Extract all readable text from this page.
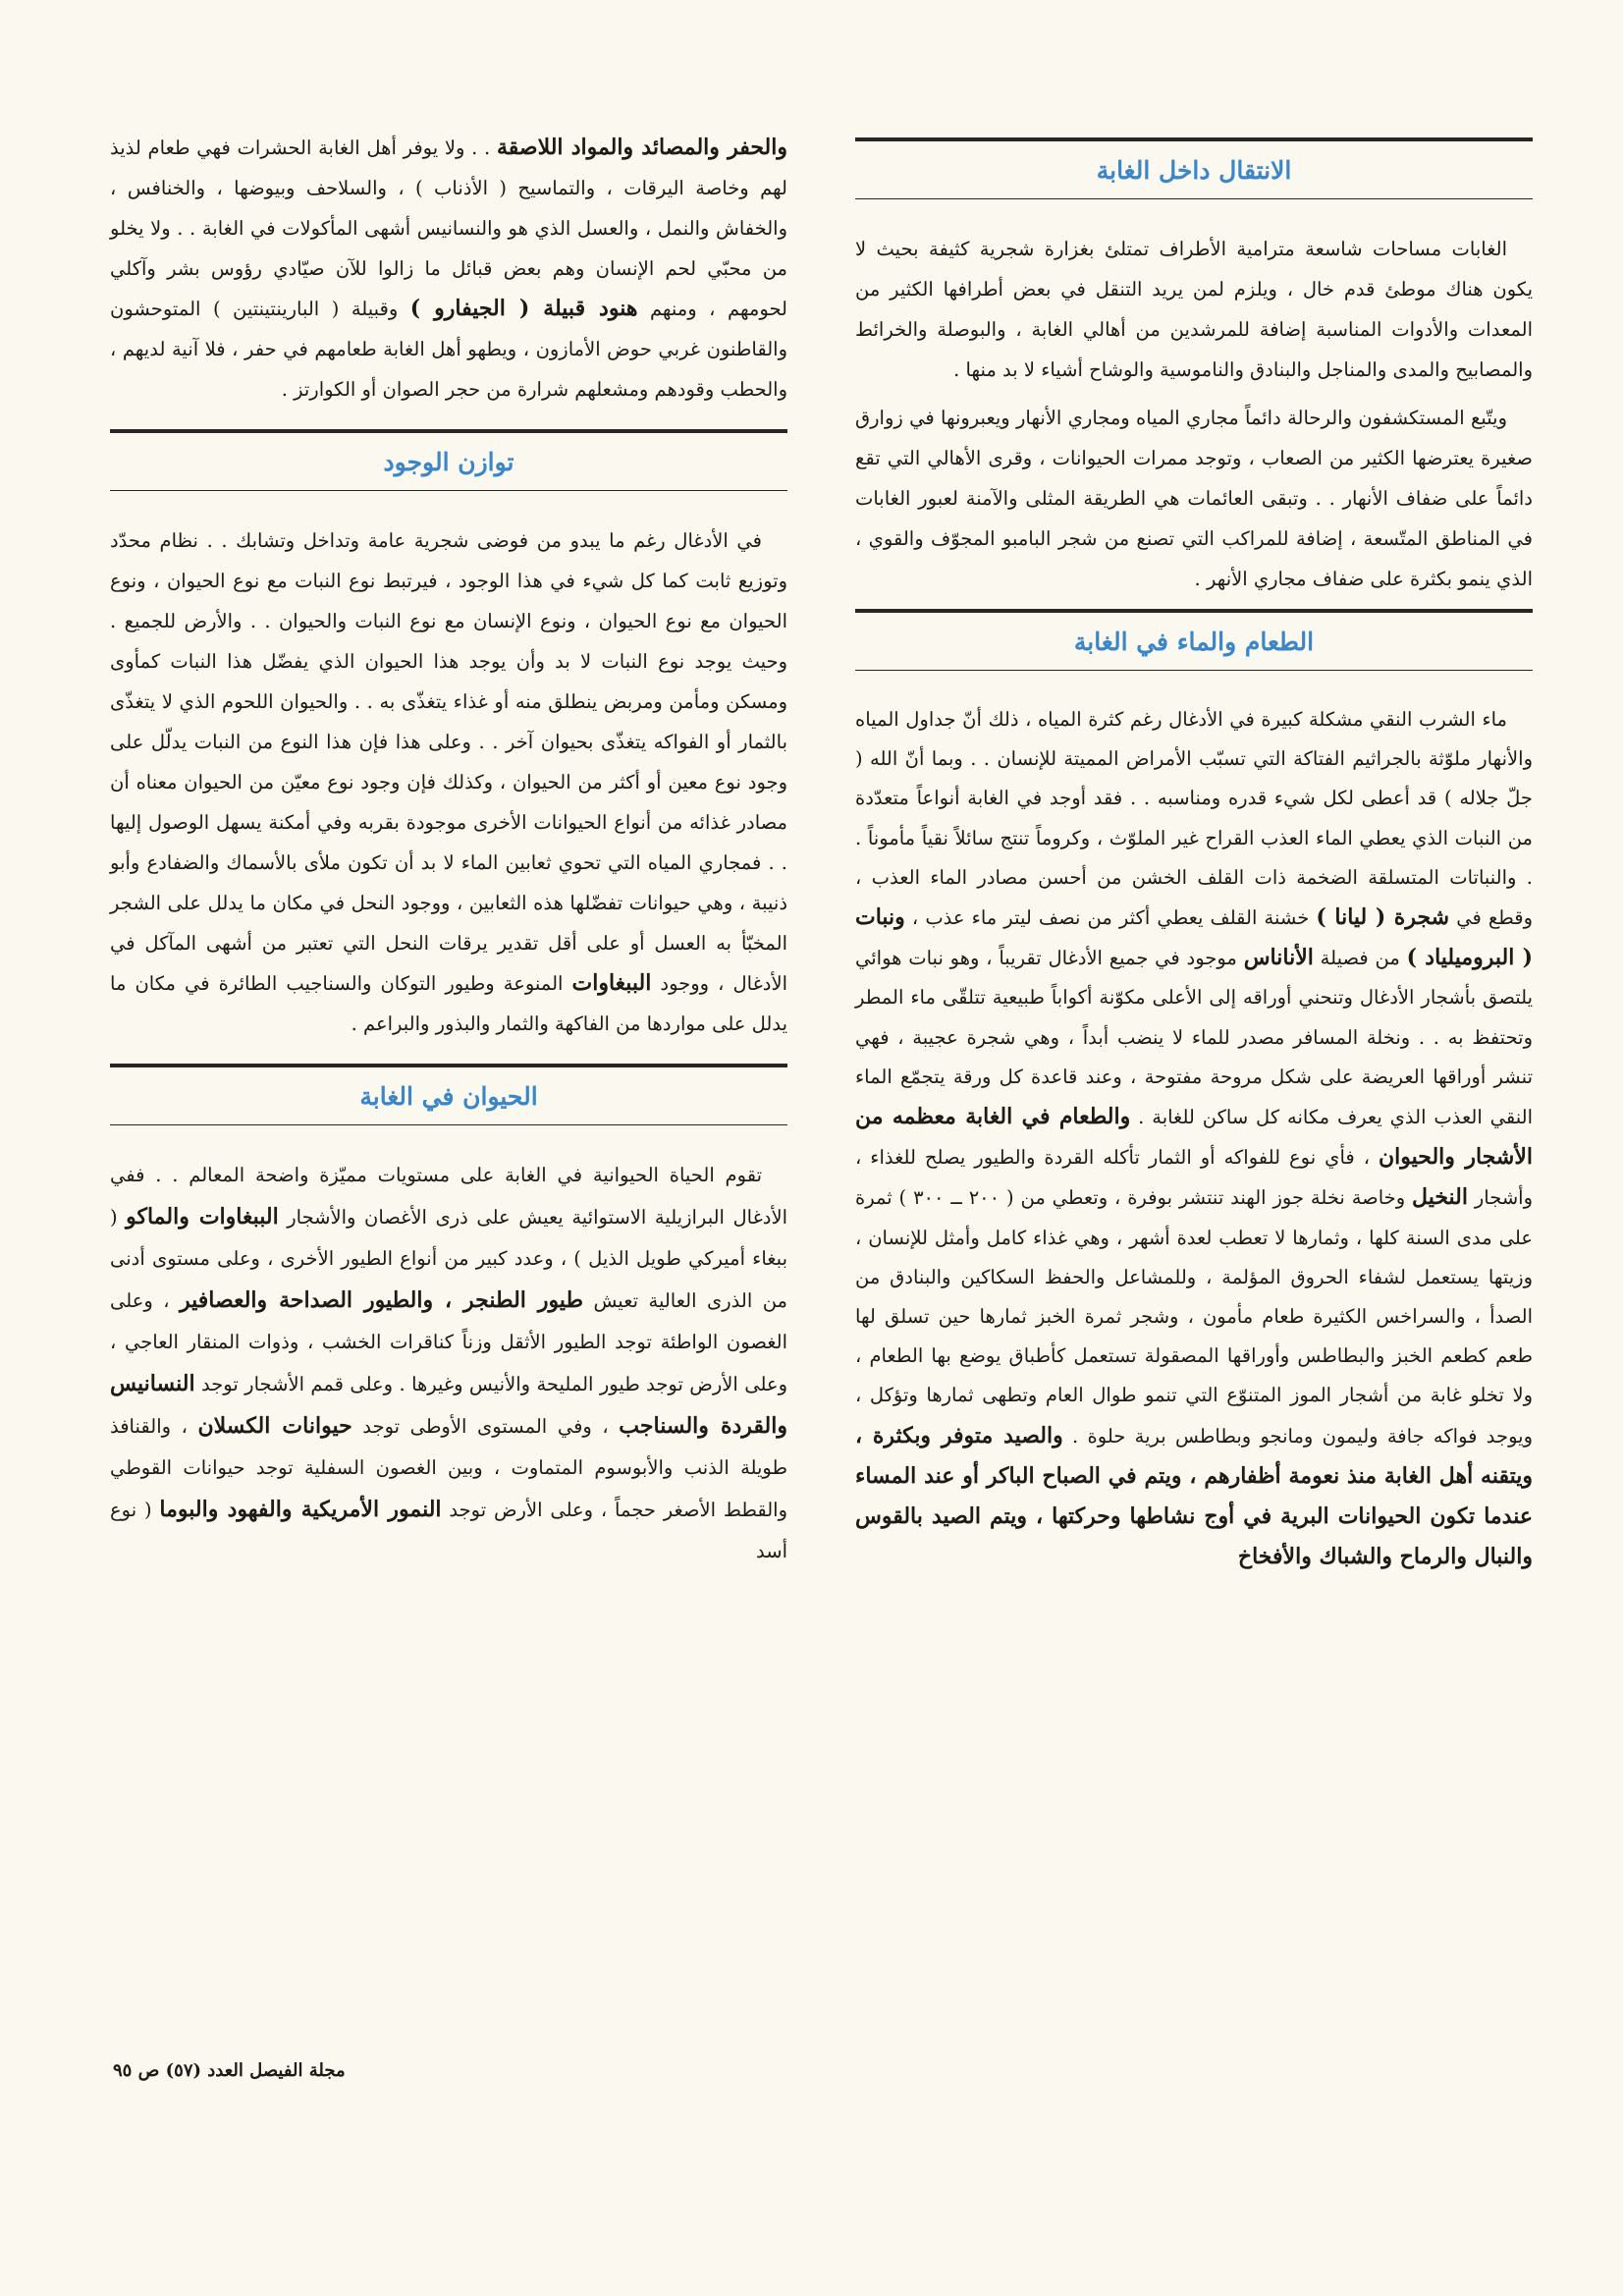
الانتقال داخل الغابة

الغابات مساحات شاسعة مترامية الأطراف تمتلئ بغزارة شجرية كثيفة بحيث لا يكون هناك موطئ قدم خال ، ويلزم لمن يريد التنقل في بعض أطرافها الكثير من المعدات والأدوات المناسبة إضافة للمرشدين من أهالي الغابة ، والبوصلة والخرائط والمصابيح والمدى والمناجل والبنادق والناموسية والوشاح أشياء لا بد منها .

ويتّبع المستكشفون والرحالة دائماً مجاري المياه ومجاري الأنهار ويعبرونها في زوارق صغيرة يعترضها الكثير من الصعاب ، وتوجد ممرات الحيوانات ، وقرى الأهالي التي تقع دائماً على ضفاف الأنهار . . وتبقى العائمات هي الطريقة المثلى والآمنة لعبور الغابات في المناطق المتّسعة ، إضافة للمراكب التي تصنع من شجر البامبو المجوّف والقوي ، الذي ينمو بكثرة على ضفاف مجاري الأنهر .

الطعام والماء في الغابة

ماء الشرب النقي مشكلة كبيرة في الأدغال رغم كثرة المياه ، ذلك أنّ جداول المياه والأنهار ملوّثة بالجراثيم الفتاكة التي تسبّب الأمراض المميتة للإنسان . . وبما أنّ الله ( جلّ جلاله ) قد أعطى لكل شيء قدره ومناسبه . . فقد أوجد في الغابة أنواعاً متعدّدة من النبات الذي يعطي الماء العذب القراح غير الملوّث ، وكروماً تنتج سائلاً نقياً مأموناً . . والنباتات المتسلقة الضخمة ذات القلف الخشن من أحسن مصادر الماء العذب ، وقطع في شجرة ( ليانا ) خشنة القلف يعطي أكثر من نصف ليتر ماء عذب ، ونبات ( البروميلياد ) من فصيلة الأناناس موجود في جميع الأدغال تقريباً ، وهو نبات هوائي يلتصق بأشجار الأدغال وتنحني أوراقه إلى الأعلى مكوّنة أكواباً طبيعية تتلقّى ماء المطر وتحتفظ به . . ونخلة المسافر مصدر للماء لا ينضب أبداً ، وهي شجرة عجيبة ، فهي تنشر أوراقها العريضة على شكل مروحة مفتوحة ، وعند قاعدة كل ورقة يتجمّع الماء النقي العذب الذي يعرف مكانه كل ساكن للغابة . والطعام في الغابة معظمه من الأشجار والحيوان ، فأي نوع للفواكه أو الثمار تأكله القردة والطيور يصلح للغذاء ، وأشجار النخيل وخاصة نخلة جوز الهند تنتشر بوفرة ، وتعطي من ( ٢٠٠ ــ ٣٠٠ ) ثمرة على مدى السنة كلها ، وثمارها لا تعطب لعدة أشهر ، وهي غذاء كامل وأمثل للإنسان ، وزيتها يستعمل لشفاء الحروق المؤلمة ، وللمشاعل والحفظ السكاكين والبنادق من الصدأ ، والسراخس الكثيرة طعام مأمون ، وشجر ثمرة الخبز ثمارها حين تسلق لها طعم كطعم الخبز والبطاطس وأوراقها المصقولة تستعمل كأطباق يوضع بها الطعام ، ولا تخلو غابة من أشجار الموز المتنوّع التي تنمو طوال العام وتطهى ثمارها وتؤكل ، ويوجد فواكه جافة وليمون ومانجو وبطاطس برية حلوة . والصيد متوفر وبكثرة ، ويتقنه أهل الغابة منذ نعومة أظفارهم ، ويتم في الصباح الباكر أو عند المساء عندما تكون الحيوانات البرية في أوج نشاطها وحركتها ، ويتم الصيد بالقوس والنبال والرماح والشباك والأفخاخ

والحفر والمصائد والمواد اللاصقة . . ولا يوفر أهل الغابة الحشرات فهي طعام لذيذ لهم وخاصة اليرقات ، والتماسيح ( الأذناب ) ، والسلاحف وبيوضها ، والخنافس ، والخفاش والنمل ، والعسل الذي هو والنسانيس أشهى المأكولات في الغابة . . ولا يخلو من محبّي لحم الإنسان وهم بعض قبائل ما زالوا للآن صيّادي رؤوس بشر وآكلي لحومهم ، ومنهم هنود قبيلة ( الجيفارو ) وقبيلة ( البارينتينتين ) المتوحشون والقاطنون غربي حوض الأمازون ، ويطهو أهل الغابة طعامهم في حفر ، فلا آنية لديهم ، والحطب وقودهم ومشعلهم شرارة من حجر الصوان أو الكوارتز .

توازن الوجود

في الأدغال رغم ما يبدو من فوضى شجرية عامة وتداخل وتشابك . . نظام محدّد وتوزيع ثابت كما كل شيء في هذا الوجود ، فيرتبط نوع النبات مع نوع الحيوان ، ونوع الحيوان مع نوع الحيوان ، ونوع الإنسان مع نوع النبات والحيوان . . والأرض للجميع . وحيث يوجد نوع النبات لا بد وأن يوجد هذا الحيوان الذي يفضّل هذا النبات كمأوى ومسكن ومأمن ومربض ينطلق منه أو غذاء يتغذّى به . . والحيوان اللحوم الذي لا يتغذّى بالثمار أو الفواكه يتغذّى بحيوان آخر . . وعلى هذا فإن هذا النوع من النبات يدلّل على وجود نوع معين أو أكثر من الحيوان ، وكذلك فإن وجود نوع معيّن من الحيوان معناه أن مصادر غذائه من أنواع الحيوانات الأخرى موجودة بقربه وفي أمكنة يسهل الوصول إليها . . فمجاري المياه التي تحوي ثعابين الماء لا بد أن تكون ملأى بالأسماك والضفادع وأبو ذنيبة ، وهي حيوانات تفضّلها هذه الثعابين ، ووجود النحل في مكان ما يدلل على الشجر المخبّأ به العسل أو على أقل تقدير يرقات النحل التي تعتبر من أشهى المآكل في الأدغال ، ووجود الببغاوات المنوعة وطيور التوكان والسناجيب الطائرة في مكان ما يدلل على مواردها من الفاكهة والثمار والبذور والبراعم .

الحيوان في الغابة

تقوم الحياة الحيوانية في الغابة على مستويات مميّزة واضحة المعالم . . ففي الأدغال البرازيلية الاستوائية يعيش على ذرى الأغصان والأشجار الببغاوات والماكو ( ببغاء أميركي طويل الذيل ) ، وعدد كبير من أنواع الطيور الأخرى ، وعلى مستوى أدنى من الذرى العالية تعيش طيور الطنجر ، والطيور الصداحة والعصافير ، وعلى الغصون الواطئة توجد الطيور الأثقل وزناً كناقرات الخشب ، وذوات المنقار العاجي ، وعلى الأرض توجد طيور المليحة والأنيس وغيرها . وعلى قمم الأشجار توجد النسانيس والقردة والسناجب ، وفي المستوى الأوطى توجد حيوانات الكسلان ، والقنافذ طويلة الذنب والأبوسوم المتماوت ، وبين الغصون السفلية توجد حيوانات القوطي والقطط الأصغر حجماً ، وعلى الأرض توجد النمور الأمريكية والفهود والبوما ( نوع أسد

مجلة الفيصل العدد (٥٧) ص ٩٥
